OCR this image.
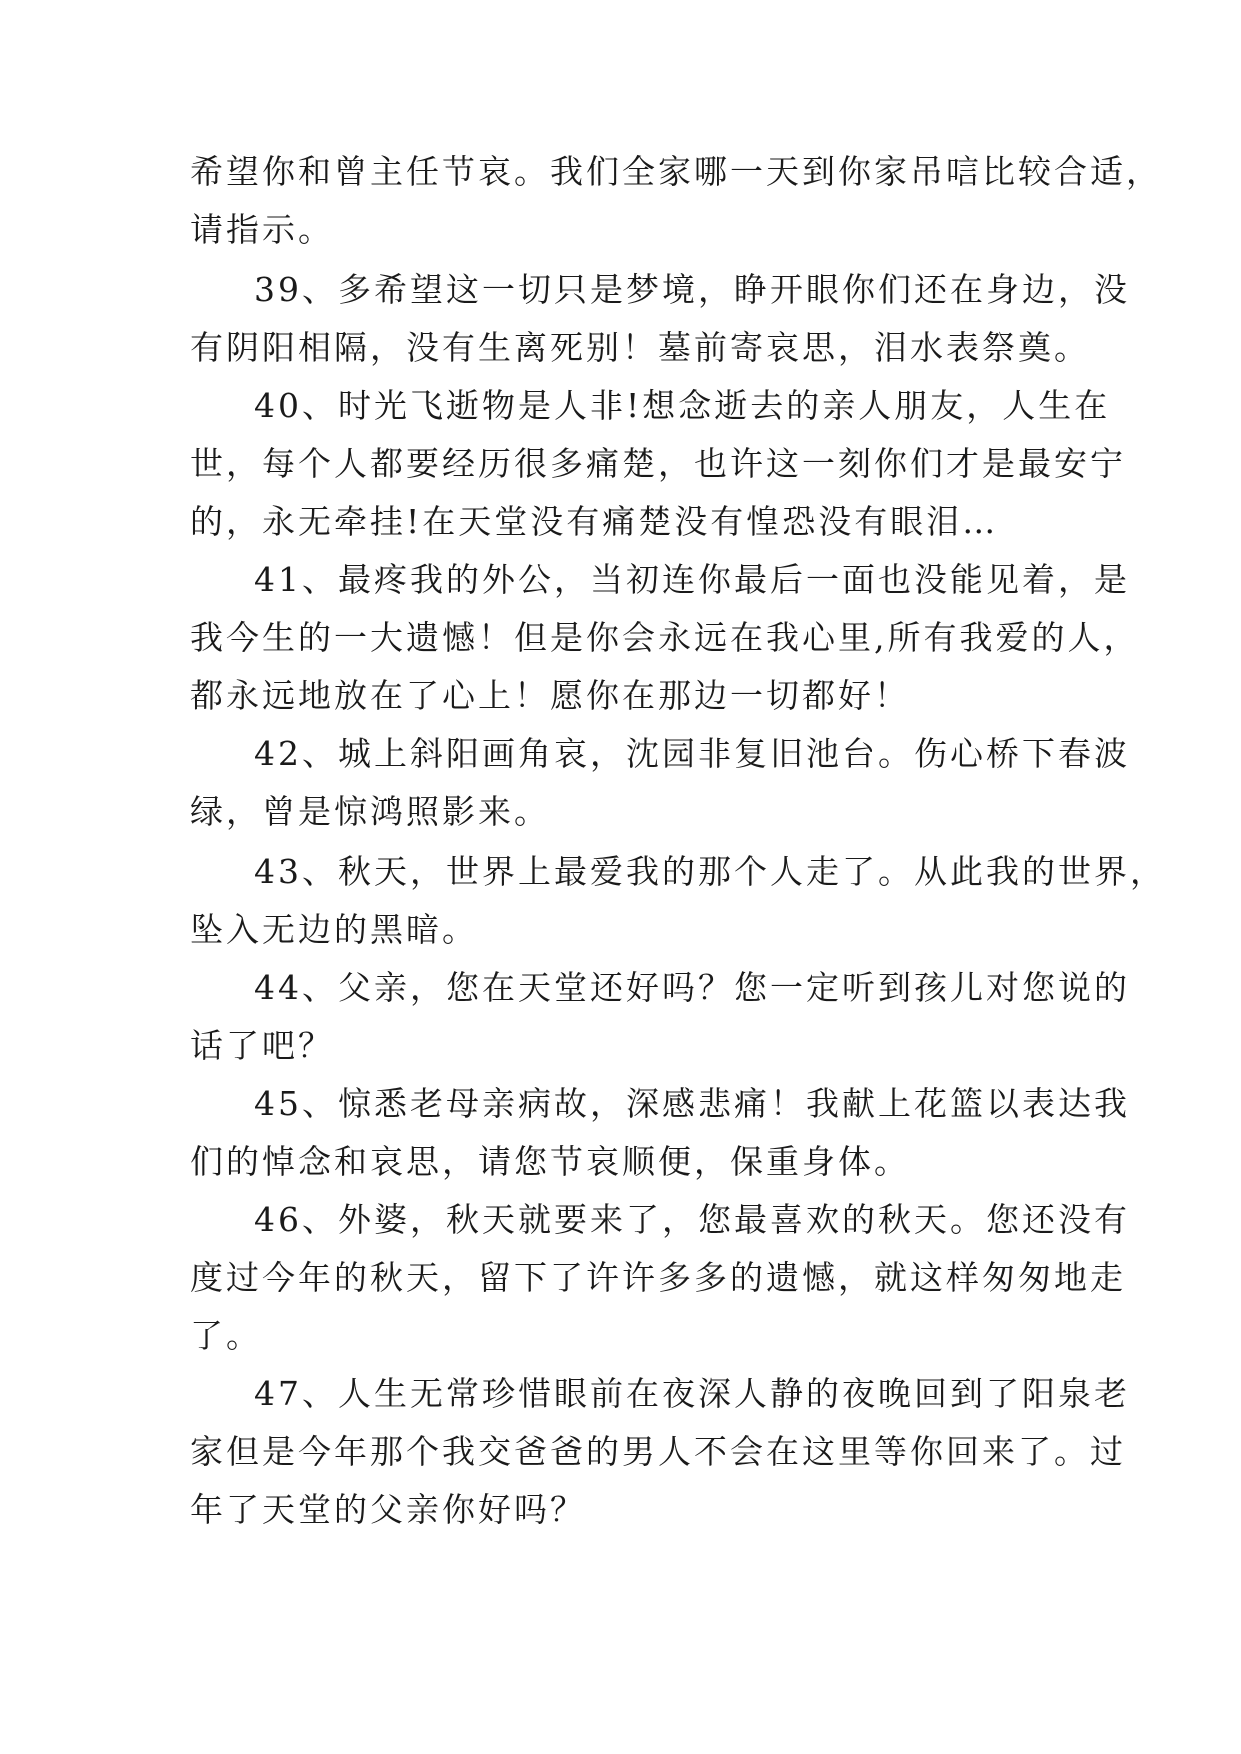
希望你和曾主任节哀。我们全家哪一天到你家吊唁比较合适，
请指示。
39、多希望这一切只是梦境，睁开眼你们还在身边，没
有阴阳相隔，没有生离死别！墓前寄哀思，泪水表祭奠。
40、时光飞逝物是人非!想念逝去的亲人朋友，人生在
世，每个人都要经历很多痛楚，也许这一刻你们才是最安宁
的，永无牵挂!在天堂没有痛楚没有惶恐没有眼泪…
41、最疼我的外公，当初连你最后一面也没能见着，是
我今生的一大遗憾！但是你会永远在我心里,所有我爱的人，
都永远地放在了心上！愿你在那边一切都好！
42、城上斜阳画角哀，沈园非复旧池台。伤心桥下春波
绿，曾是惊鸿照影来。
43、秋天，世界上最爱我的那个人走了。从此我的世界，
坠入无边的黑暗。
44、父亲，您在天堂还好吗？您一定听到孩儿对您说的
话了吧？
45、惊悉老母亲病故，深感悲痛！我献上花篮以表达我
们的悼念和哀思，请您节哀顺便，保重身体。
46、外婆，秋天就要来了，您最喜欢的秋天。您还没有
度过今年的秋天，留下了许许多多的遗憾，就这样匆匆地走
了。
47、人生无常珍惜眼前在夜深人静的夜晚回到了阳泉老
家但是今年那个我交爸爸的男人不会在这里等你回来了。过
年了天堂的父亲你好吗？
